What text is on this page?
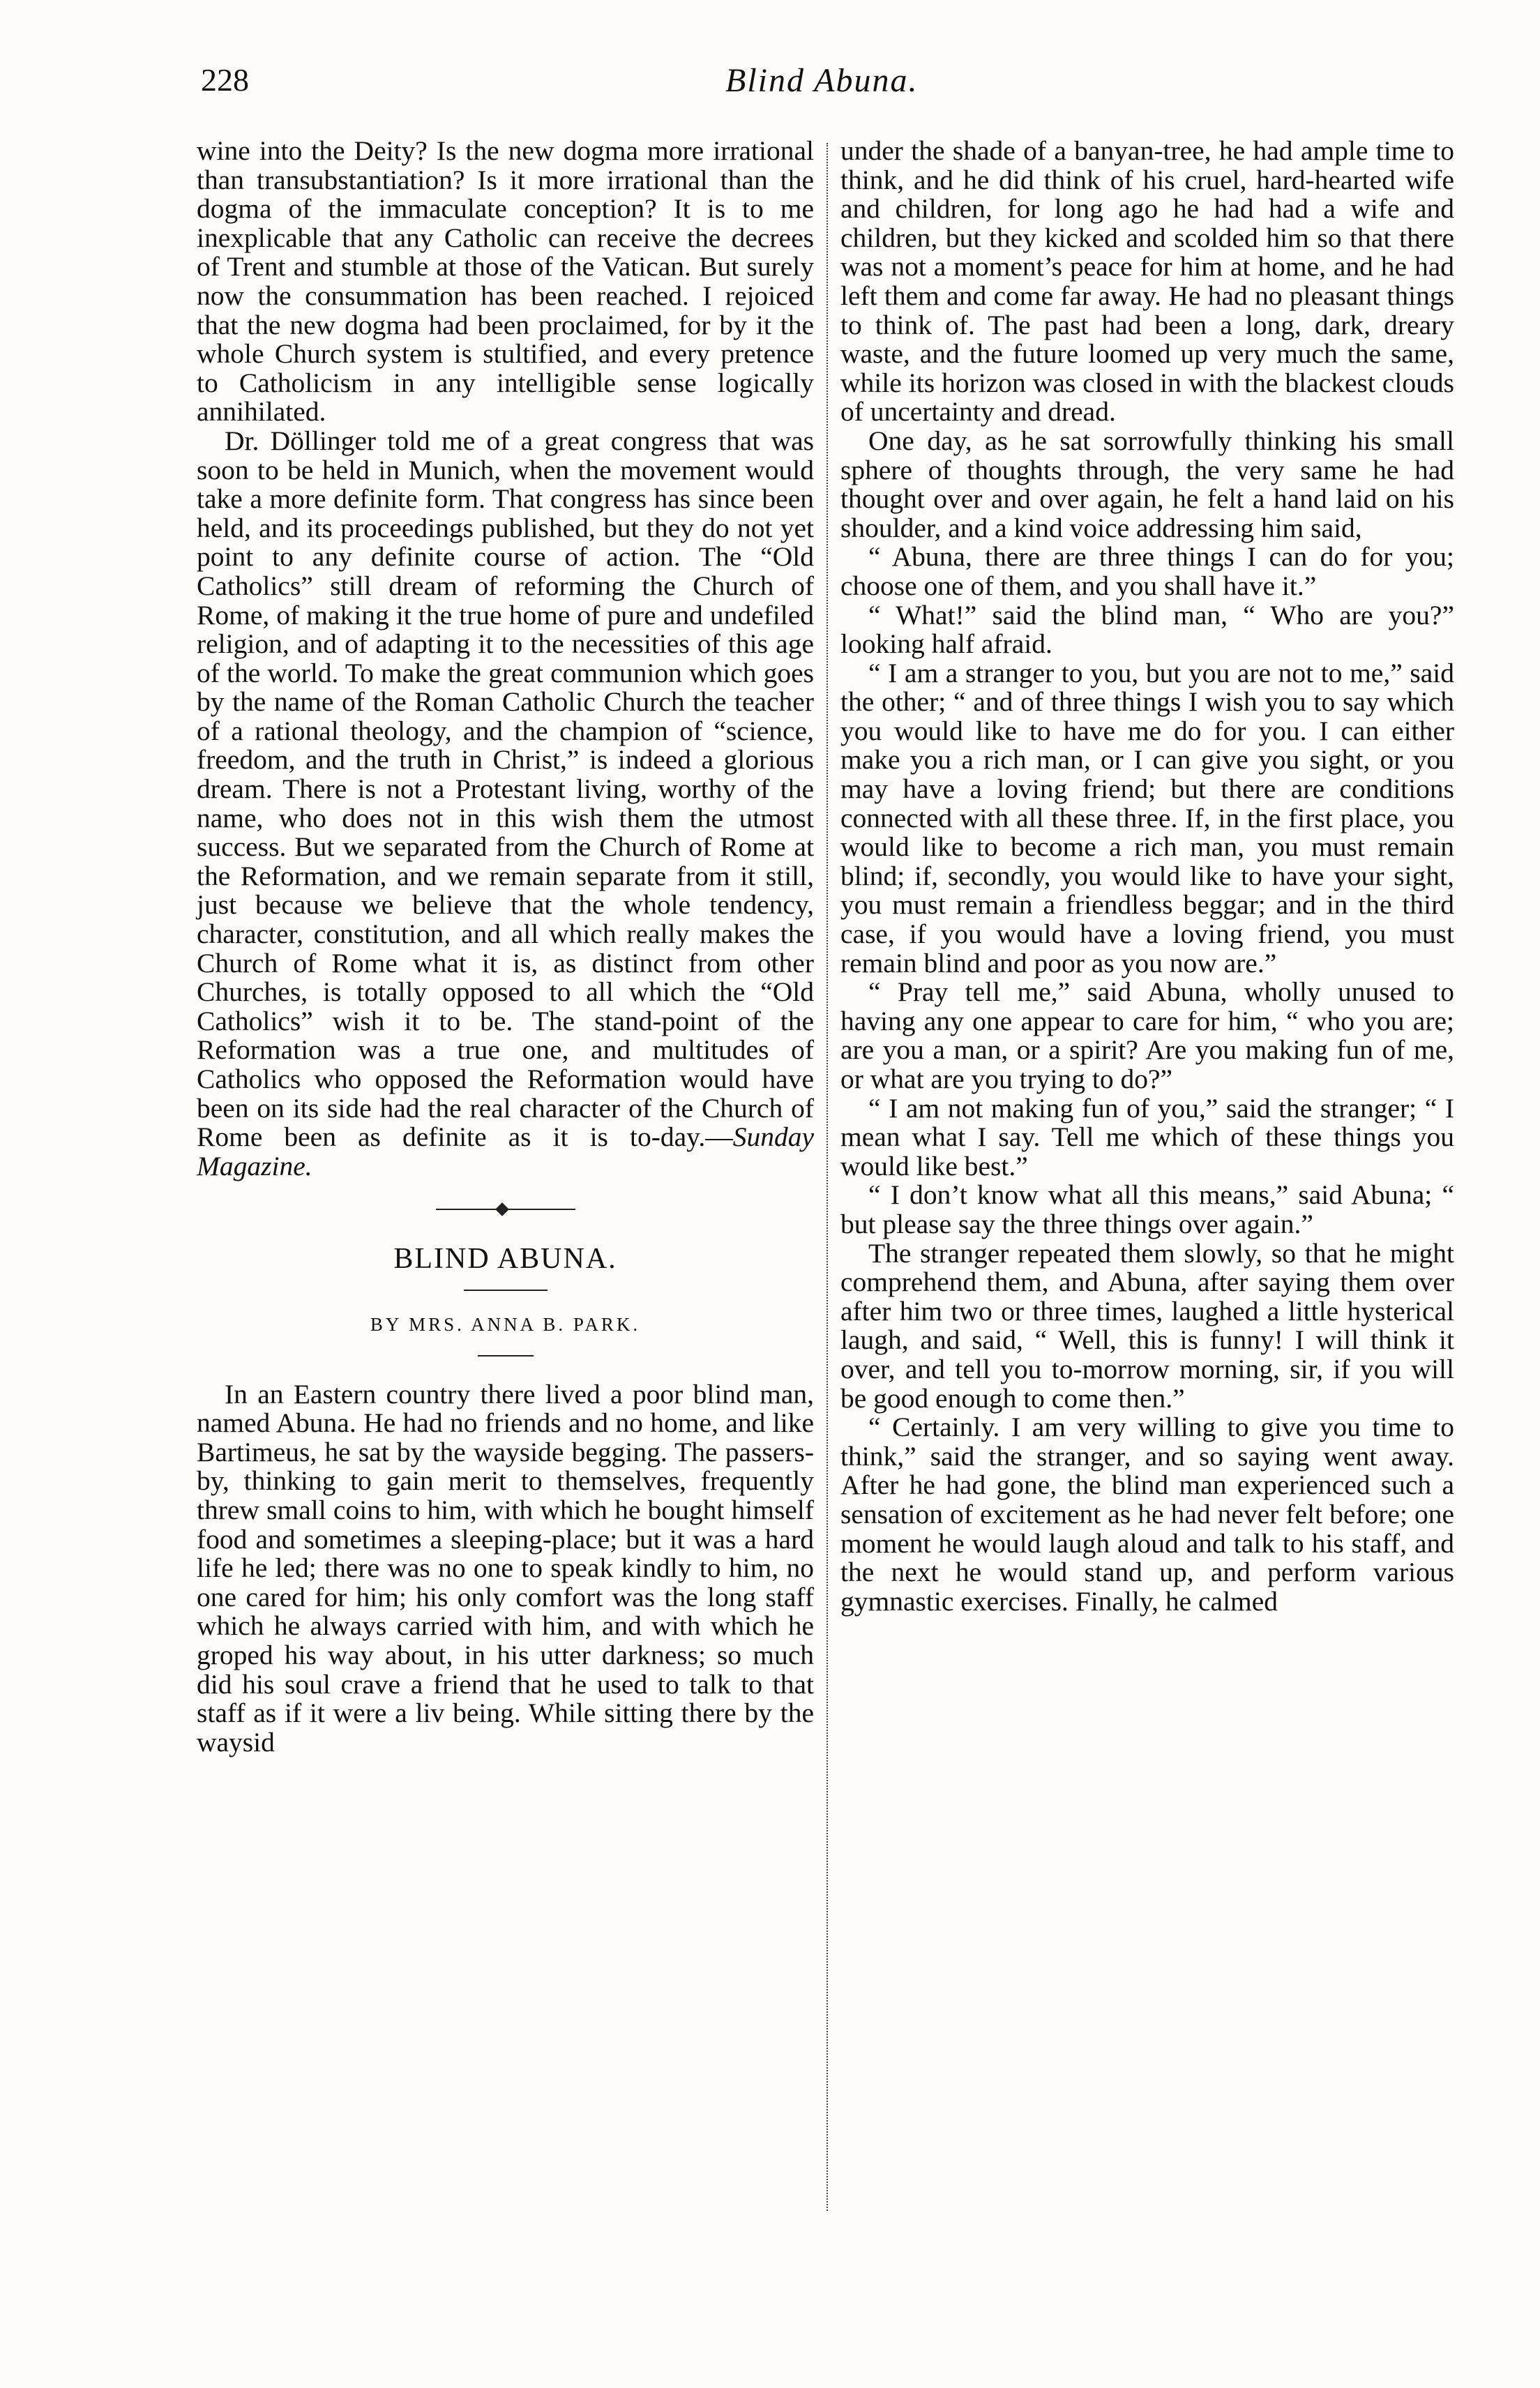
228	Blind Abuna.

wine into the Deity? Is the new dogma more irrational than transubstantiation? Is it more irrational than the dogma of the immaculate conception? It is to me inexplicable that any Catholic can receive the decrees of Trent and stumble at those of the Vatican. But surely now the consummation has been reached. I rejoiced that the new dogma had been proclaimed, for by it the whole Church system is stultified, and every pretence to Catholicism in any intelligible sense logically annihilated.

Dr. Döllinger told me of a great congress that was soon to be held in Munich, when the movement would take a more definite form. That congress has since been held, and its proceedings published, but they do not yet point to any definite course of action. The “Old Catholics” still dream of reforming the Church of Rome, of making it the true home of pure and undefiled religion, and of adapting it to the necessities of this age of the world. To make the great communion which goes by the name of the Roman Catholic Church the teacher of a rational theology, and the champion of “science, freedom, and the truth in Christ,” is indeed a glorious dream. There is not a Protestant living, worthy of the name, who does not in this wish them the utmost success. But we separated from the Church of Rome at the Reformation, and we remain separate from it still, just because we believe that the whole tendency, character, constitution, and all which really makes the Church of Rome what it is, as distinct from other Churches, is totally opposed to all which the “Old Catholics” wish it to be. The stand-point of the Reformation was a true one, and multitudes of Catholics who opposed the Reformation would have been on its side had the real character of the Church of Rome been as definite as it is to-day.—Sunday Magazine.

BLIND ABUNA.
BY MRS. ANNA B. PARK.

In an Eastern country there lived a poor blind man, named Abuna. He had no friends and no home, and like Bartimeus, he sat by the wayside begging. The passers-by, thinking to gain merit to themselves, frequently threw small coins to him, with which he bought himself food and sometimes a sleeping-place; but it was a hard life he led; there was no one to speak kindly to him, no one cared for him; his only comfort was the long staff which he always carried with him, and with which he groped his way about, in his utter darkness; so much did his soul crave a friend that he used to talk to that staff as if it were a liv being. While sitting there by the waysid

under the shade of a banyan-tree, he had ample time to think, and he did think of his cruel, hard-hearted wife and children, for long ago he had had a wife and children, but they kicked and scolded him so that there was not a moment’s peace for him at home, and he had left them and come far away. He had no pleasant things to think of. The past had been a long, dark, dreary waste, and the future loomed up very much the same, while its horizon was closed in with the blackest clouds of uncertainty and dread.

One day, as he sat sorrowfully thinking his small sphere of thoughts through, the very same he had thought over and over again, he felt a hand laid on his shoulder, and a kind voice addressing him said,

“ Abuna, there are three things I can do for you; choose one of them, and you shall have it.”

“ What!” said the blind man, “ Who are you?” looking half afraid.

“ I am a stranger to you, but you are not to me,” said the other; “ and of three things I wish you to say which you would like to have me do for you. I can either make you a rich man, or I can give you sight, or you may have a loving friend; but there are conditions connected with all these three. If, in the first place, you would like to become a rich man, you must remain blind; if, secondly, you would like to have your sight, you must remain a friendless beggar; and in the third case, if you would have a loving friend, you must remain blind and poor as you now are.”

“ Pray tell me,” said Abuna, wholly unused to having any one appear to care for him, “ who you are; are you a man, or a spirit? Are you making fun of me, or what are you trying to do?”

“ I am not making fun of you,” said the stranger; “ I mean what I say. Tell me which of these things you would like best.”

“ I don’t know what all this means,” said Abuna; “ but please say the three things over again.”

The stranger repeated them slowly, so that he might comprehend them, and Abuna, after saying them over after him two or three times, laughed a little hysterical laugh, and said, “ Well, this is funny! I will think it over, and tell you to-morrow morning, sir, if you will be good enough to come then.”

“ Certainly. I am very willing to give you time to think,” said the stranger, and so saying went away. After he had gone, the blind man experienced such a sensation of excitement as he had never felt before; one moment he would laugh aloud and talk to his staff, and the next he would stand up, and perform various gymnastic exercises. Finally, he calmed
